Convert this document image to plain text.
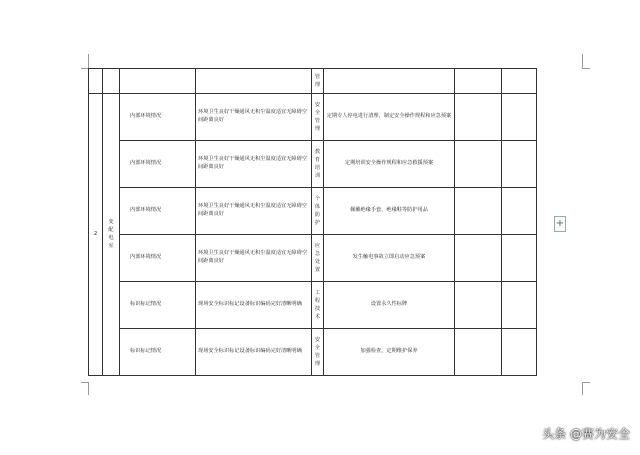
				管理			
2	变配电室	内部环境情况	环境卫生良好干燥通风无积尘温度适宜无障碍空间距离良好	安全管理	定期专人停电进行清理，制定安全操作规程和应急预案		
		内部环境情况	环境卫生良好干燥通风无积尘温度适宜无障碍空间距离良好	教育培训	定期培训安全操作规程和应急救援预案		
		内部环境情况	环境卫生良好干燥通风无积尘温度适宜无障碍空间距离良好	个体防护	佩戴绝缘手套、绝缘鞋等防护用品		
		内部环境情况	环境卫生良好干燥通风无积尘温度适宜无障碍空间距离良好	应急处置	发生触电事故立即启动应急预案		
		标识标记情况	现场安全标识标记设备标识编码完好清晰明确	工程技术	设置永久性标牌		
		标识标记情况	现场安全标识标记设备标识编码完好清晰明确	安全管理	加强检查，定期维护保养		
+
头条 @赛为安全
